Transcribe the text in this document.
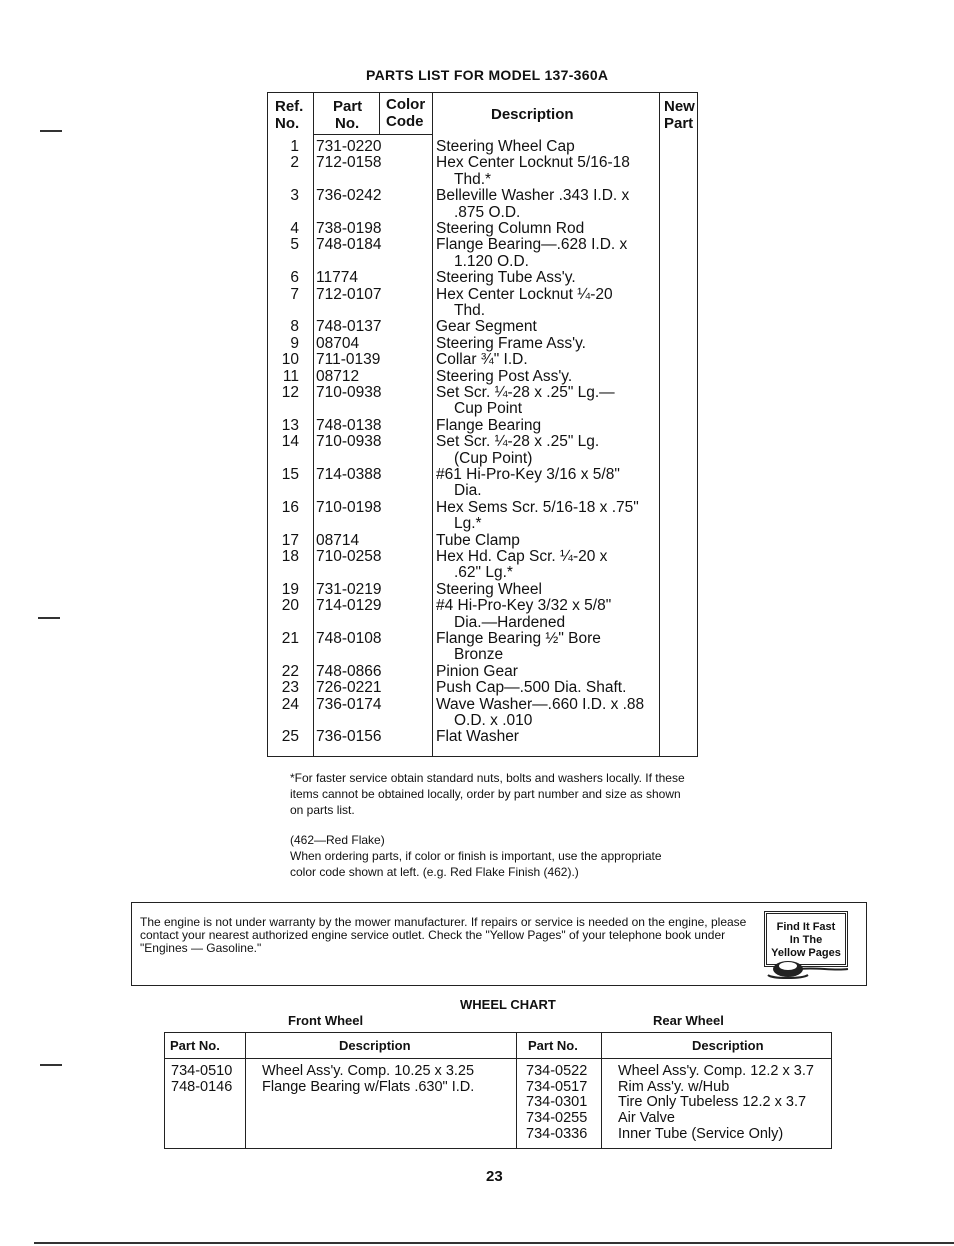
PARTS LIST FOR MODEL 137-360A
Ref.
No.
Part
No.
Color
Code	Description	New
Part
1 731-0220	Steering Wheel Cap
2 712-0158	Hex Center Locknut 5/16-18
Thd.*
3 736-0242	Belleville Washer .343 I.D. x
.875 O.D.
4 738-0198	Steering Column Rod
5 748-0184	Flange Bearing—.628 I.D. x
1.120 O.D.
6 11774	Steering Tube Ass'y.
7 712-0107	Hex Center Locknut ¼-20
Thd.
8 748-0137	Gear Segment
9 08704	Steering Frame Ass'y.
10 711-0139	Collar ¾" I.D.
11 08712	Steering Post Ass'y.
12 710-0938	Set Scr. ¼-28 x .25" Lg.—
Cup Point
13 748-0138	Flange Bearing
14 710-0938	Set Scr. ¼-28 x .25" Lg.
(Cup Point)
15 714-0388	#61 Hi-Pro-Key 3/16 x 5/8"
Dia.
16 710-0198	Hex Sems Scr. 5/16-18 x .75"
Lg.*
17 08714	Tube Clamp
18 710-0258	Hex Hd. Cap Scr. ¼-20 x
.62" Lg.*
19 731-0219	Steering Wheel
20 714-0129	#4 Hi-Pro-Key 3/32 x 5/8"
Dia.—Hardened
21 748-0108	Flange Bearing ½" Bore
Bronze
22 748-0866	Pinion Gear
23 726-0221	Push Cap—.500 Dia. Shaft.
24 736-0174	Wave Washer—.660 I.D. x .88
O.D. x .010
25 736-0156	Flat Washer
*For faster service obtain standard nuts, bolts and washers locally. If these items cannot be obtained locally, order by part number and size as shown on parts list.
(462—Red Flake)
When ordering parts, if color or finish is important, use the appropriate color code shown at left. (e.g. Red Flake Finish (462).)
The engine is not under warranty by the mower manufacturer. If repairs or service is needed on the engine, please contact your nearest authorized engine service outlet. Check the "Yellow Pages" of your telephone book under "Engines — Gasoline."
Find It Fast
In The
Yellow Pages
WHEEL CHART
Front Wheel	Rear Wheel
Part No.	Description	Part No.	Description
734-0510 Wheel Ass'y. Comp. 10.25 x 3.25
748-0146 Flange Bearing w/Flats .630" I.D.
734-0522 Wheel Ass'y. Comp. 12.2 x 3.7
734-0517 Rim Ass'y. w/Hub
734-0301 Tire Only Tubeless 12.2 x 3.7
734-0255 Air Valve
734-0336 Inner Tube (Service Only)
23
